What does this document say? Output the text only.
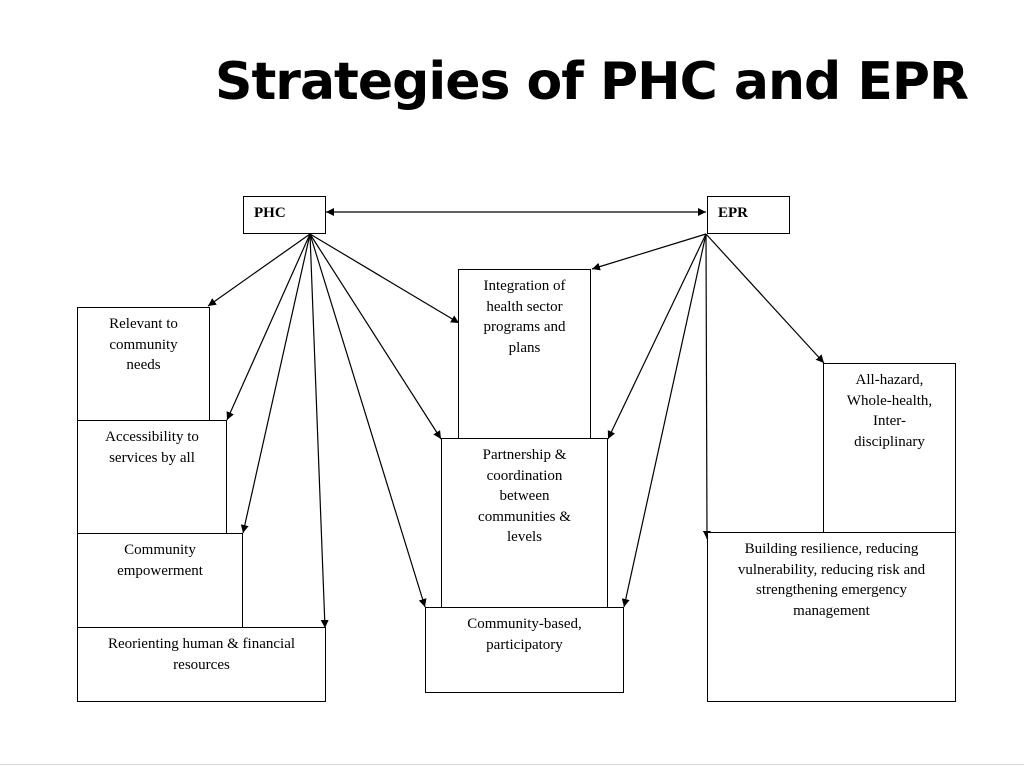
Strategies of PHC and EPR
PHC	EPR
Relevant to community needs
Accessibility to services by all
Community empowerment
Reorienting human & financial resources
Integration of health sector programs and plans
Partnership & coordination between communities & levels
Community-based, participatory
All-hazard, Whole-health, Inter-disciplinary
Building resilience, reducing vulnerability, reducing risk and strengthening emergency management
